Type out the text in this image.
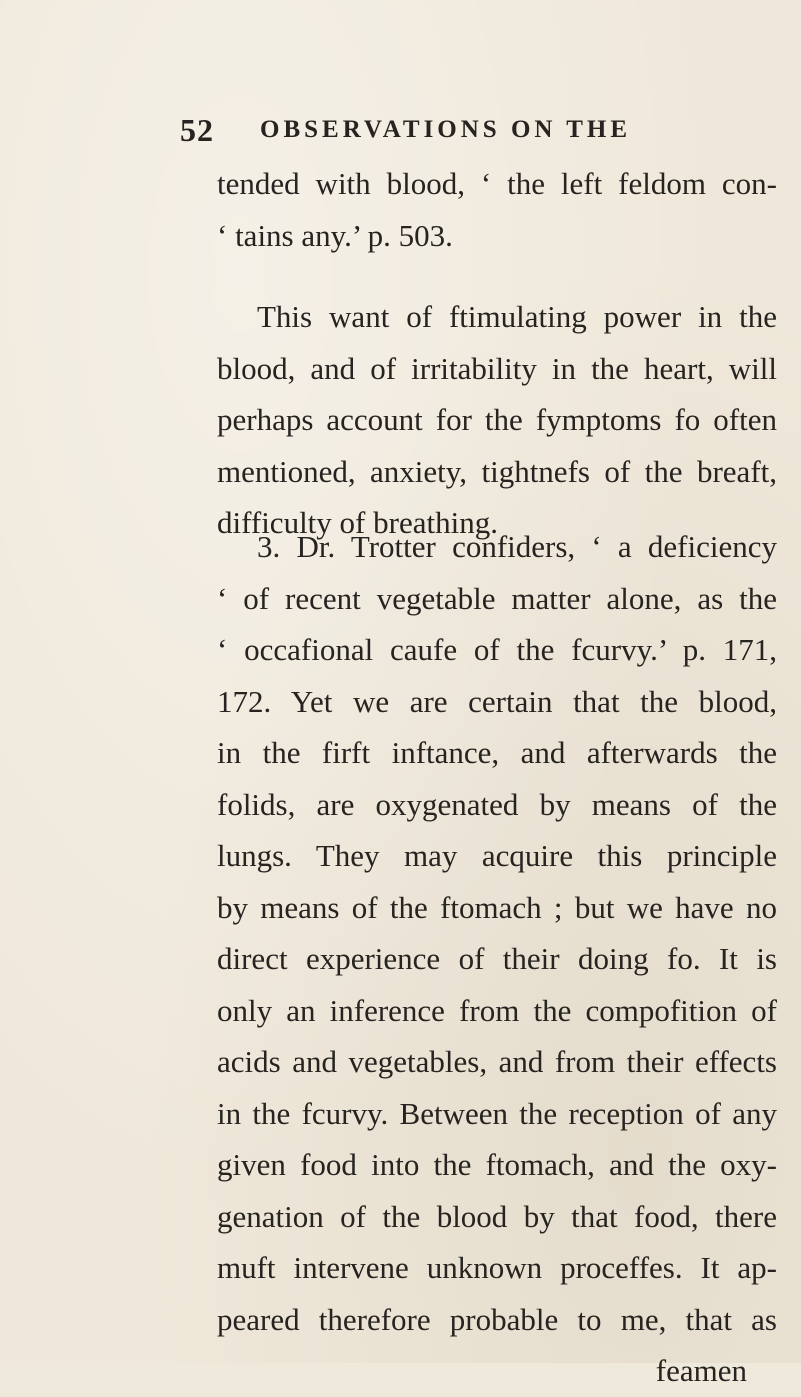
52 OBSERVATIONS ON THE
tended with blood, ‘ the left feldom con-
‘ tains any.’ p. 503.
This want of ftimulating power in the
blood, and of irritability in the heart, will
perhaps account for the fymptoms fo often
mentioned, anxiety, tightnefs of the breaft,
difficulty of breathing.
3. Dr. Trotter confiders, ‘ a deficiency
‘ of recent vegetable matter alone, as the
‘ occafional caufe of the fcurvy.’ p. 171,
172. Yet we are certain that the blood,
in the firft inftance, and afterwards the
folids, are oxygenated by means of the
lungs. They may acquire this principle
by means of the ftomach ; but we have no
direct experience of their doing fo. It is
only an inference from the compofition of
acids and vegetables, and from their effects
in the fcurvy. Between the reception of any
given food into the ftomach, and the oxy-
genation of the blood by that food, there
muft intervene unknown proceffes. It ap-
peared therefore probable to me, that as
feamen
